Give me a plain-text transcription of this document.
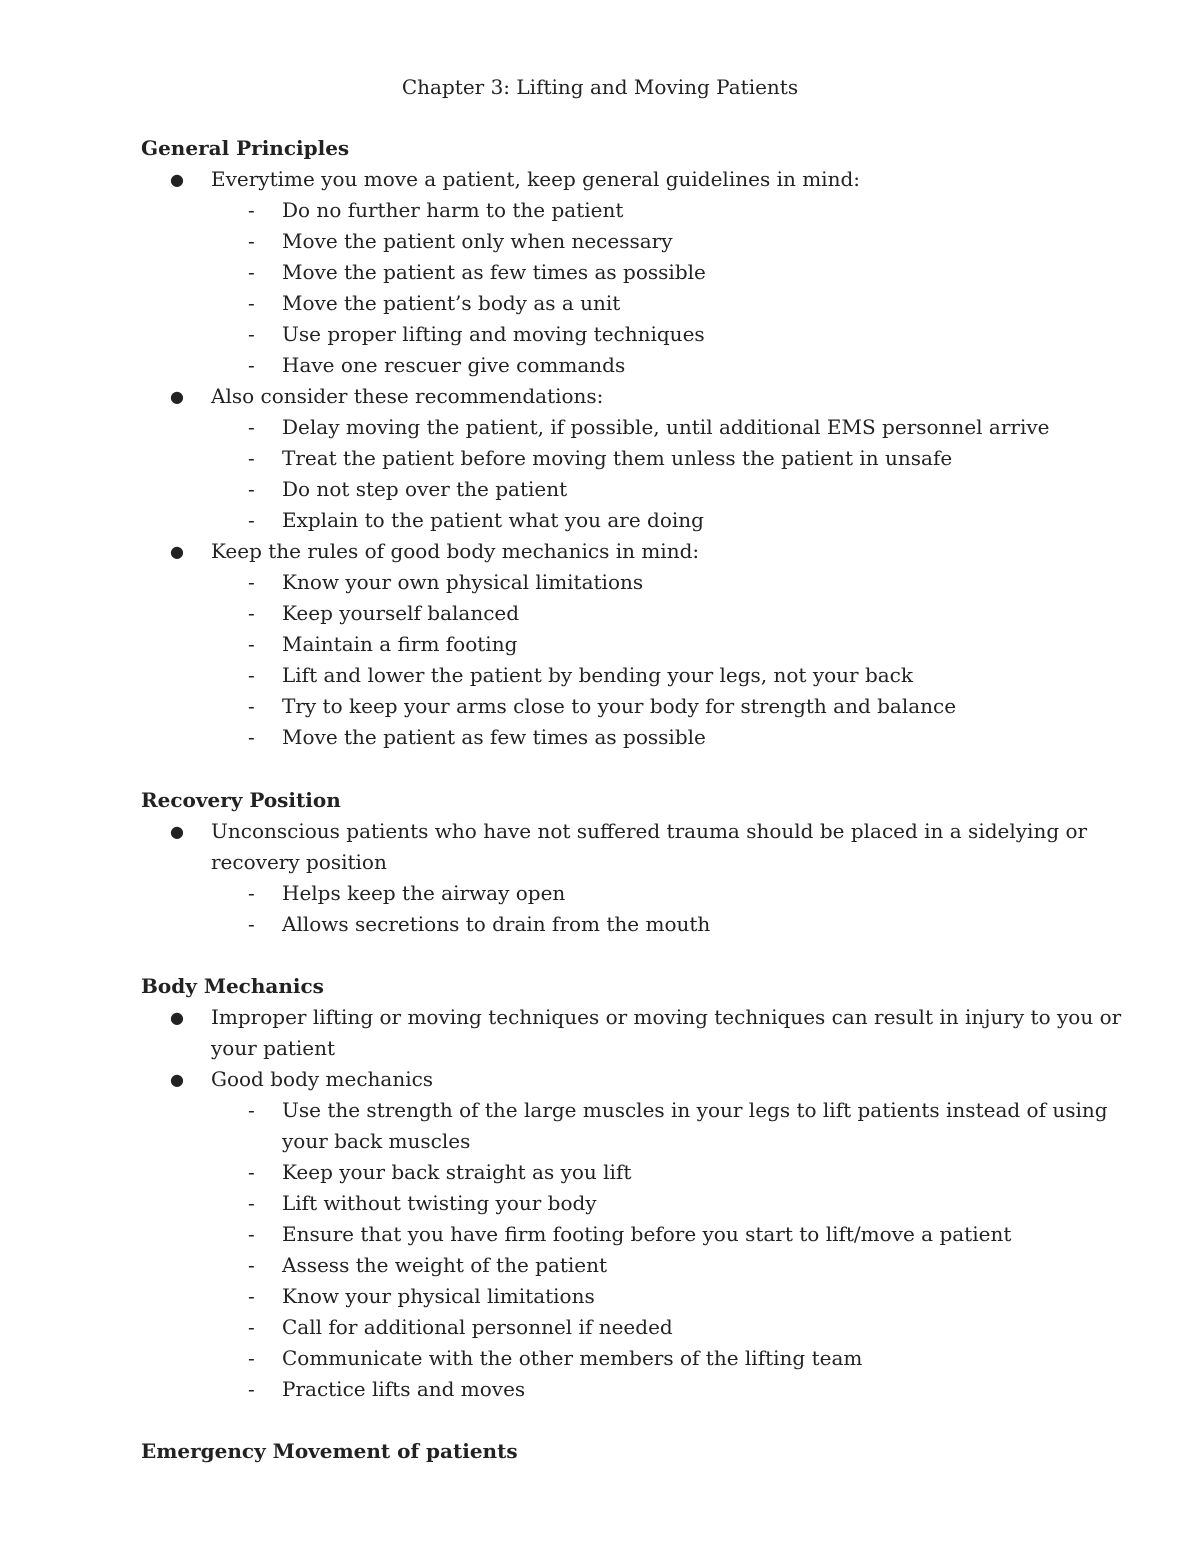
Chapter 3: Lifting and Moving Patients
General Principles
● Everytime you move a patient, keep general guidelines in mind:
- Do no further harm to the patient
- Move the patient only when necessary
- Move the patient as few times as possible
- Move the patient’s body as a unit
- Use proper lifting and moving techniques
- Have one rescuer give commands
● Also consider these recommendations:
- Delay moving the patient, if possible, until additional EMS personnel arrive
- Treat the patient before moving them unless the patient in unsafe
- Do not step over the patient
- Explain to the patient what you are doing
● Keep the rules of good body mechanics in mind:
- Know your own physical limitations
- Keep yourself balanced
- Maintain a firm footing
- Lift and lower the patient by bending your legs, not your back
- Try to keep your arms close to your body for strength and balance
- Move the patient as few times as possible
Recovery Position
● Unconscious patients who have not suffered trauma should be placed in a sidelying or
recovery position
- Helps keep the airway open
- Allows secretions to drain from the mouth
Body Mechanics
● Improper lifting or moving techniques or moving techniques can result in injury to you or
your patient
● Good body mechanics
- Use the strength of the large muscles in your legs to lift patients instead of using
your back muscles
- Keep your back straight as you lift
- Lift without twisting your body
- Ensure that you have firm footing before you start to lift/move a patient
- Assess the weight of the patient
- Know your physical limitations
- Call for additional personnel if needed
- Communicate with the other members of the lifting team
- Practice lifts and moves
Emergency Movement of patients
